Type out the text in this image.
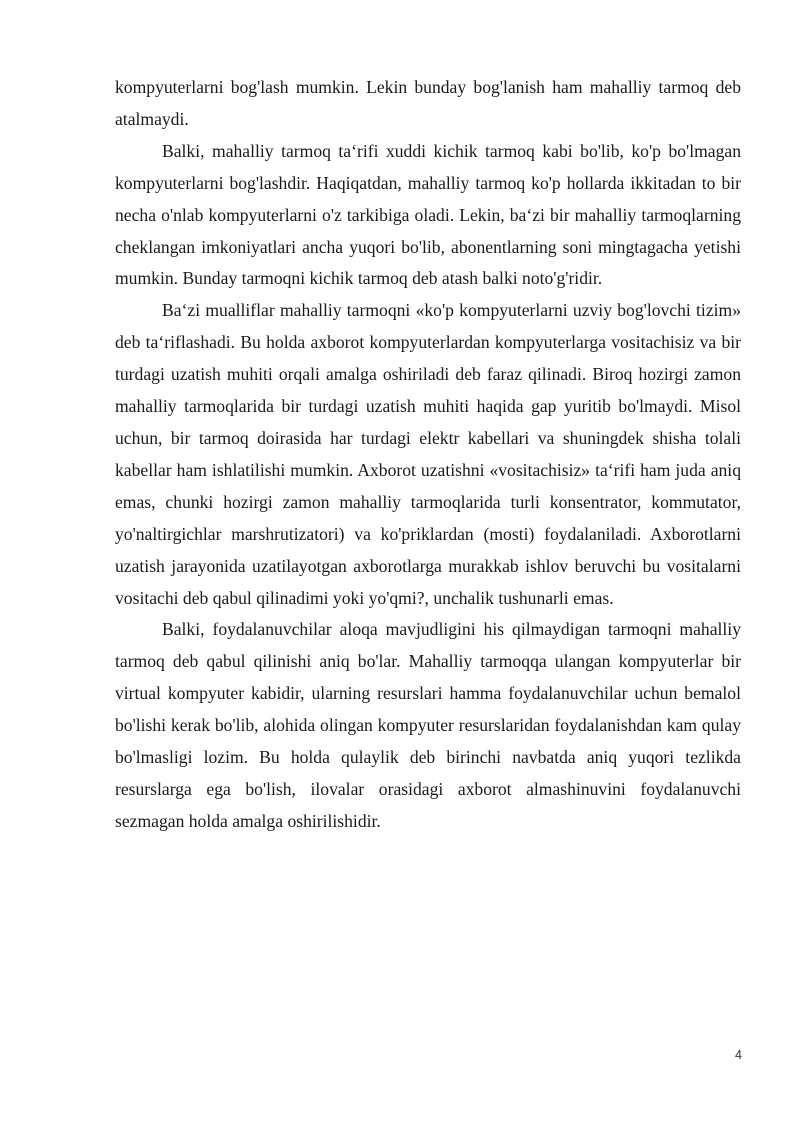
kompyuterlarni bog'lash mumkin. Lekin bunday bog'lanish ham mahalliy tarmoq deb atalmaydi.

Balki, mahalliy tarmoq ta‘rifi xuddi kichik tarmoq kabi bo'lib, ko'p bo'lmagan kompyuterlarni bog'lashdir. Haqiqatdan, mahalliy tarmoq ko'p hollarda ikkitadan to bir necha o'nlab kompyuterlarni o'z tarkibiga oladi. Lekin, ba‘zi bir mahalliy tarmoqlarning cheklangan imkoniyatlari ancha yuqori bo'lib, abonentlarning soni mingtagacha yetishi mumkin. Bunday tarmoqni kichik tarmoq deb atash balki noto'g'ridir.

Ba‘zi mualliflar mahalliy tarmoqni «ko'p kompyuterlarni uzviy bog'lovchi tizim» deb ta‘riflashadi. Bu holda axborot kompyuterlardan kompyuterlarga vositachisiz va bir turdagi uzatish muhiti orqali amalga oshiriladi deb faraz qilinadi. Biroq hozirgi zamon mahalliy tarmoqlarida bir turdagi uzatish muhiti haqida gap yuritib bo'lmaydi. Misol uchun, bir tarmoq doirasida har turdagi elektr kabellari va shuningdek shisha tolali kabellar ham ishlatilishi mumkin. Axborot uzatishni «vositachisiz» ta‘rifi ham juda aniq emas, chunki hozirgi zamon mahalliy tarmoqlarida turli konsentrator, kommutator, yo'naltirgichlar marshrutizatori) va ko'priklardan (mosti) foydalaniladi. Axborotlarni uzatish jarayonida uzatilayotgan axborotlarga murakkab ishlov beruvchi bu vositalarni vositachi deb qabul qilinadimi yoki yo'qmi?, unchalik tushunarli emas.

Balki, foydalanuvchilar aloqa mavjudligini his qilmaydigan tarmoqni mahalliy tarmoq deb qabul qilinishi aniq bo'lar. Mahalliy tarmoqqa ulangan kompyuterlar bir virtual kompyuter kabidir, ularning resurslari hamma foydalanuvchilar uchun bemalol bo'lishi kerak bo'lib, alohida olingan kompyuter resurslaridan foydalanishdan kam qulay bo'lmasligi lozim. Bu holda qulaylik deb birinchi navbatda aniq yuqori tezlikda resurslarga ega bo'lish, ilovalar orasidagi axborot almashinuvini foydalanuvchi sezmagan holda amalga oshirilishidir.

4
